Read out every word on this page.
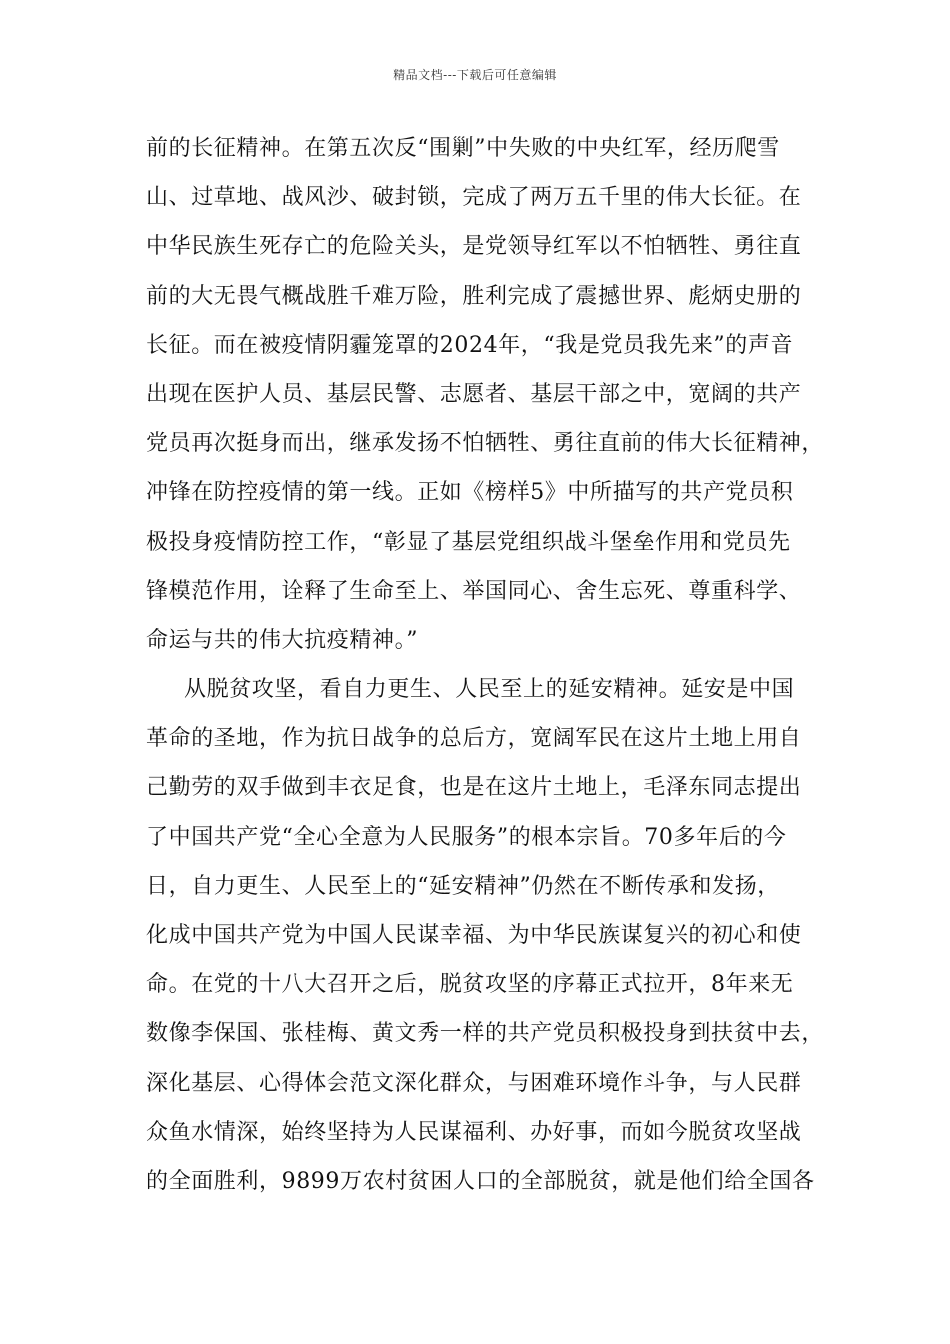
精品文档---下载后可任意编辑
前的长征精神。在第五次反“围剿”中失败的中央红军，经历爬雪
山、过草地、战风沙、破封锁，完成了两万五千里的伟大长征。在
中华民族生死存亡的危险关头，是党领导红军以不怕牺牲、勇往直
前的大无畏气概战胜千难万险，胜利完成了震撼世界、彪炳史册的
长征。而在被疫情阴霾笼罩的2024年，“我是党员我先来”的声音
出现在医护人员、基层民警、志愿者、基层干部之中，宽阔的共产
党员再次挺身而出，继承发扬不怕牺牲、勇往直前的伟大长征精神，
冲锋在防控疫情的第一线。正如《榜样5》中所描写的共产党员积
极投身疫情防控工作，“彰显了基层党组织战斗堡垒作用和党员先
锋模范作用，诠释了生命至上、举国同心、舍生忘死、尊重科学、
命运与共的伟大抗疫精神。”
从脱贫攻坚，看自力更生、人民至上的延安精神。延安是中国
革命的圣地，作为抗日战争的总后方，宽阔军民在这片土地上用自
己勤劳的双手做到丰衣足食，也是在这片土地上，毛泽东同志提出
了中国共产党“全心全意为人民服务”的根本宗旨。70多年后的今
日，自力更生、人民至上的“延安精神”仍然在不断传承和发扬，
化成中国共产党为中国人民谋幸福、为中华民族谋复兴的初心和使
命。在党的十八大召开之后，脱贫攻坚的序幕正式拉开，8年来无
数像李保国、张桂梅、黄文秀一样的共产党员积极投身到扶贫中去，
深化基层、心得体会范文深化群众，与困难环境作斗争，与人民群
众鱼水情深，始终坚持为人民谋福利、办好事，而如今脱贫攻坚战
的全面胜利，9899万农村贫困人口的全部脱贫，就是他们给全国各
